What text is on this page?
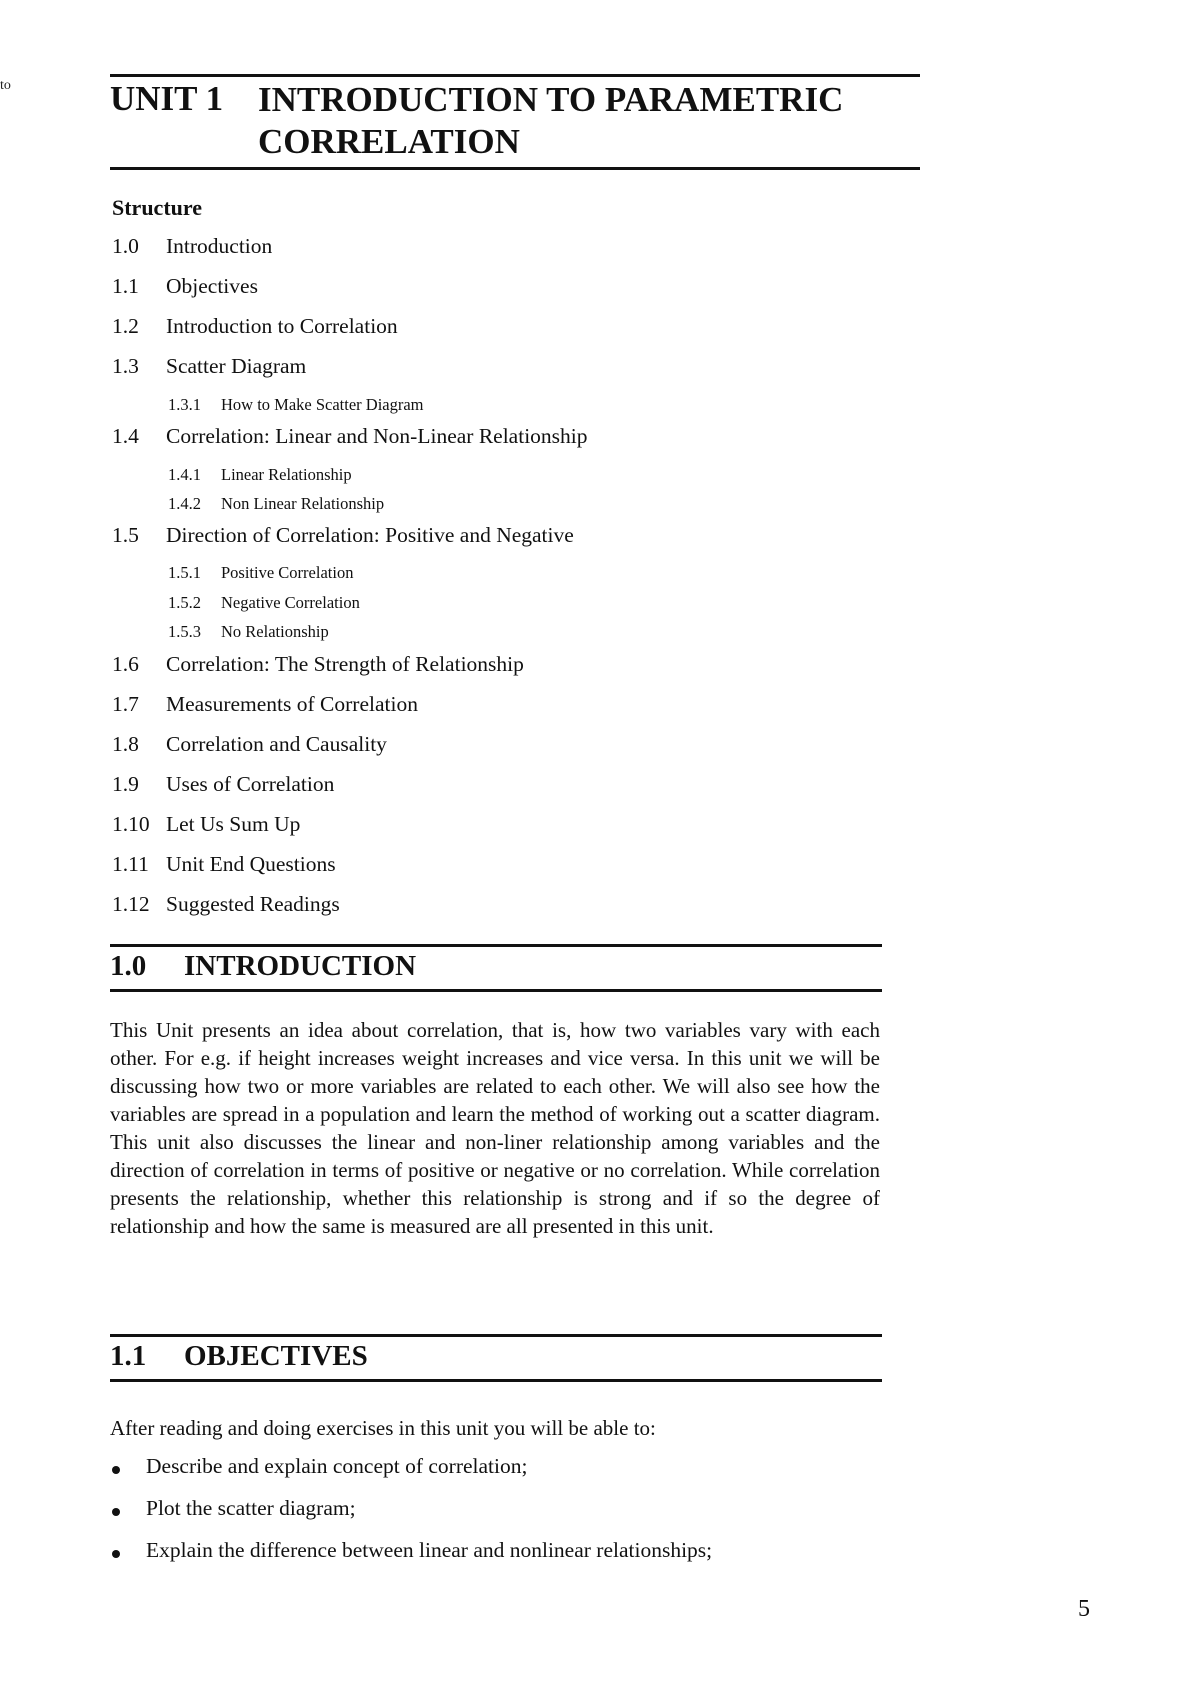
to	UNIT 1 INTRODUCTION TO PARAMETRIC
CORRELATION
Structure
1.0 Introduction
1.1 Objectives
1.2 Introduction to Correlation
1.3 Scatter Diagram
1.3.1 How to Make Scatter Diagram
1.4 Correlation: Linear and Non-Linear Relationship
1.4.1 Linear Relationship
1.4.2 Non Linear Relationship
1.5 Direction of Correlation: Positive and Negative
1.5.1 Positive Correlation
1.5.2 Negative Correlation
1.5.3 No Relationship
1.6 Correlation: The Strength of Relationship
1.7 Measurements of Correlation
1.8 Correlation and Causality
1.9 Uses of Correlation
1.10 Let Us Sum Up
1.11 Unit End Questions
1.12 Suggested Readings
1.0 INTRODUCTION
This Unit presents an idea about correlation, that is, how two variables vary with each other. For e.g. if height increases weight increases and vice versa. In this unit we will be discussing how two or more variables are related to each other. We will also see how the variables are spread in a population and learn the method of working out a scatter diagram. This unit also discusses the linear and non-liner relationship among variables and the direction of correlation in terms of positive or negative or no correlation. While correlation presents the relationship, whether this relationship is strong and if so the degree of relationship and how the same is measured are all presented in this unit.
1.1 OBJECTIVES
After reading and doing exercises in this unit you will be able to:
Describe and explain concept of correlation;
Plot the scatter diagram;
Explain the difference between linear and nonlinear relationships;
5
